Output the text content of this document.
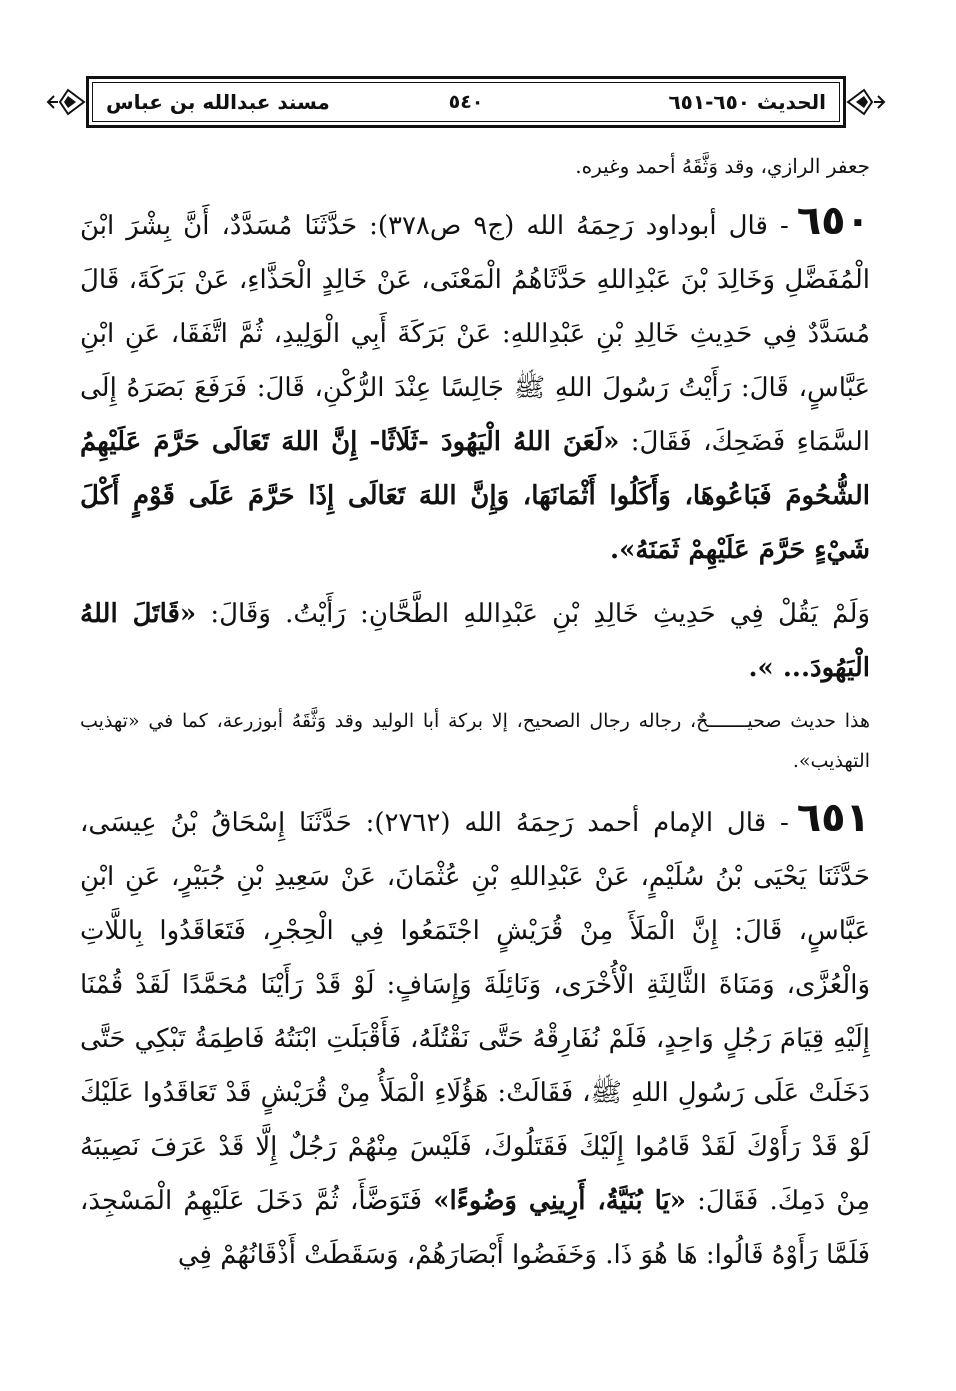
الحديث ٦٥٠-٦٥١
٥٤٠
مسند عبدالله بن عباس

جعفر الرازي، وقد وَثَّقَهُ أحمد وغيره.

٦٥٠- قال أبوداود رَحِمَهُ الله (ج٩ ص٣٧٨): حَدَّثَنَا مُسَدَّدٌ، أَنَّ بِشْرَ ابْنَ الْمُفَضَّلِ وَخَالِدَ بْنَ عَبْدِاللهِ حَدَّثَاهُمُ الْمَعْنَى، عَنْ خَالِدٍ الْحَذَّاءِ، عَنْ بَرَكَةَ، قَالَ مُسَدَّدٌ فِي حَدِيثِ خَالِدِ بْنِ عَبْدِاللهِ: عَنْ بَرَكَةَ أَبِي الْوَلِيدِ، ثُمَّ اتَّفَقَا، عَنِ ابْنِ عَبَّاسٍ، قَالَ: رَأَيْتُ رَسُولَ اللهِ ﷺ جَالِسًا عِنْدَ الرُّكْنِ، قَالَ: فَرَفَعَ بَصَرَهُ إِلَى السَّمَاءِ فَضَحِكَ، فَقَالَ: «لَعَنَ اللهُ الْيَهُودَ -ثَلَاثًا- إِنَّ اللهَ تَعَالَى حَرَّمَ عَلَيْهِمُ الشُّحُومَ فَبَاعُوهَا، وَأَكَلُوا أَثْمَانَهَا، وَإِنَّ اللهَ تَعَالَى إِذَا حَرَّمَ عَلَى قَوْمٍ أَكْلَ شَيْءٍ حَرَّمَ عَلَيْهِمْ ثَمَنَهُ».

وَلَمْ يَقُلْ فِي حَدِيثِ خَالِدِ بْنِ عَبْدِاللهِ الطَّحَّانِ: رَأَيْتُ. وَقَالَ: «قَاتَلَ اللهُ الْيَهُودَ... ».

هذا حديث صحيـــــــحٌ، رجاله رجال الصحيح، إلا بركة أبا الوليد وقد وَثَّقَهُ أبوزرعة، كما في «تهذيب التهذيب».

٦٥١- قال الإمام أحمد رَحِمَهُ الله (٢٧٦٢): حَدَّثَنَا إِسْحَاقُ بْنُ عِيسَى، حَدَّثَنَا يَحْيَى بْنُ سُلَيْمٍ، عَنْ عَبْدِاللهِ بْنِ عُثْمَانَ، عَنْ سَعِيدِ بْنِ جُبَيْرٍ، عَنِ ابْنِ عَبَّاسٍ، قَالَ: إِنَّ الْمَلَأَ مِنْ قُرَيْشٍ اجْتَمَعُوا فِي الْحِجْرِ، فَتَعَاقَدُوا بِاللَّاتِ وَالْعُزَّى، وَمَنَاةَ الثَّالِثَةِ الْأُخْرَى، وَنَائِلَةَ وَإِسَافٍ: لَوْ قَدْ رَأَيْنَا مُحَمَّدًا لَقَدْ قُمْنَا إِلَيْهِ قِيَامَ رَجُلٍ وَاحِدٍ، فَلَمْ نُفَارِقْهُ حَتَّى نَقْتُلَهُ، فَأَقْبَلَتِ ابْنَتُهُ فَاطِمَةُ تَبْكِي حَتَّى دَخَلَتْ عَلَى رَسُولِ اللهِ ﷺ، فَقَالَتْ: هَؤُلَاءِ الْمَلَأُ مِنْ قُرَيْشٍ قَدْ تَعَاقَدُوا عَلَيْكَ لَوْ قَدْ رَأَوْكَ لَقَدْ قَامُوا إِلَيْكَ فَقَتَلُوكَ، فَلَيْسَ مِنْهُمْ رَجُلٌ إِلَّا قَدْ عَرَفَ نَصِيبَهُ مِنْ دَمِكَ. فَقَالَ: «يَا بُنَيَّةُ، أَرِينِي وَضُوءًا» فَتَوَضَّأَ، ثُمَّ دَخَلَ عَلَيْهِمُ الْمَسْجِدَ، فَلَمَّا رَأَوْهُ قَالُوا: هَا هُوَ ذَا. وَخَفَضُوا أَبْصَارَهُمْ، وَسَقَطَتْ أَذْقَانُهُمْ فِي
